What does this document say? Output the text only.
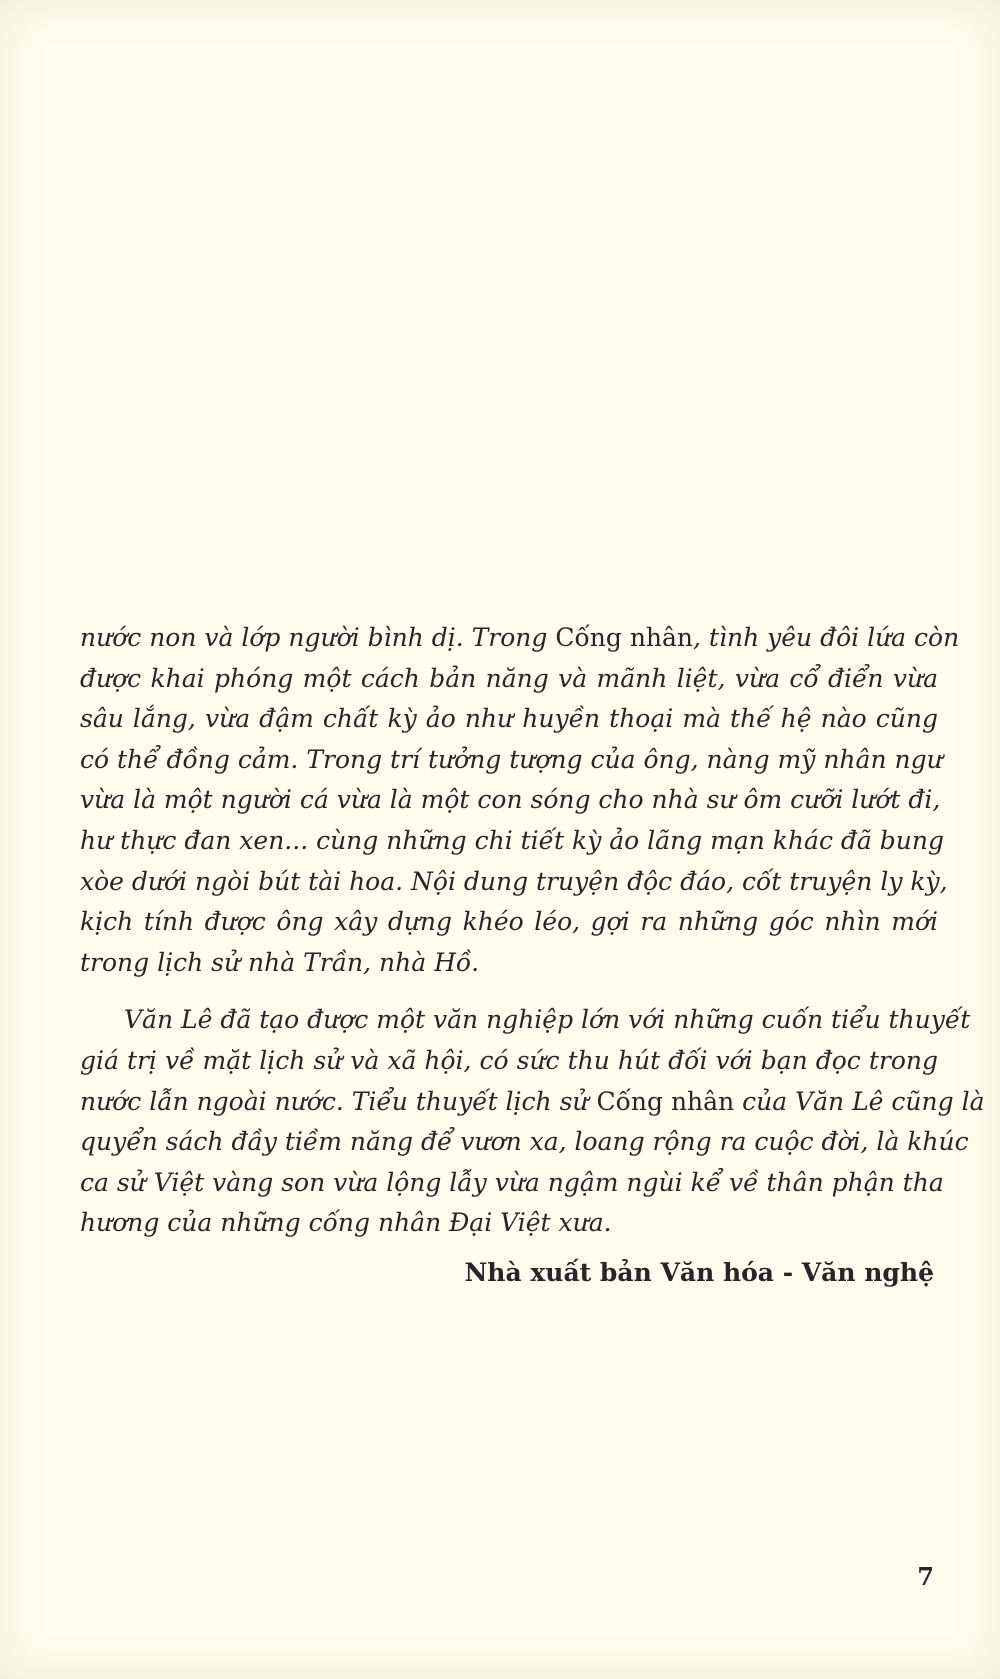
nước non và lớp người bình dị. Trong Cống nhân, tình yêu đôi lứa còn
được khai phóng một cách bản năng và mãnh liệt, vừa cổ điển vừa
sâu lắng, vừa đậm chất kỳ ảo như huyền thoại mà thế hệ nào cũng
có thể đồng cảm. Trong trí tưởng tượng của ông, nàng mỹ nhân ngư
vừa là một người cá vừa là một con sóng cho nhà sư ôm cưỡi lướt đi,
hư thực đan xen... cùng những chi tiết kỳ ảo lãng mạn khác đã bung
xòe dưới ngòi bút tài hoa. Nội dung truyện độc đáo, cốt truyện ly kỳ,
kịch tính được ông xây dựng khéo léo, gợi ra những góc nhìn mới
trong lịch sử nhà Trần, nhà Hồ.
Văn Lê đã tạo được một văn nghiệp lớn với những cuốn tiểu thuyết
giá trị về mặt lịch sử và xã hội, có sức thu hút đối với bạn đọc trong
nước lẫn ngoài nước. Tiểu thuyết lịch sử Cống nhân của Văn Lê cũng là
quyển sách đầy tiềm năng để vươn xa, loang rộng ra cuộc đời, là khúc
ca sử Việt vàng son vừa lộng lẫy vừa ngậm ngùi kể về thân phận tha
hương của những cống nhân Đại Việt xưa.
Nhà xuất bản Văn hóa - Văn nghệ
7
